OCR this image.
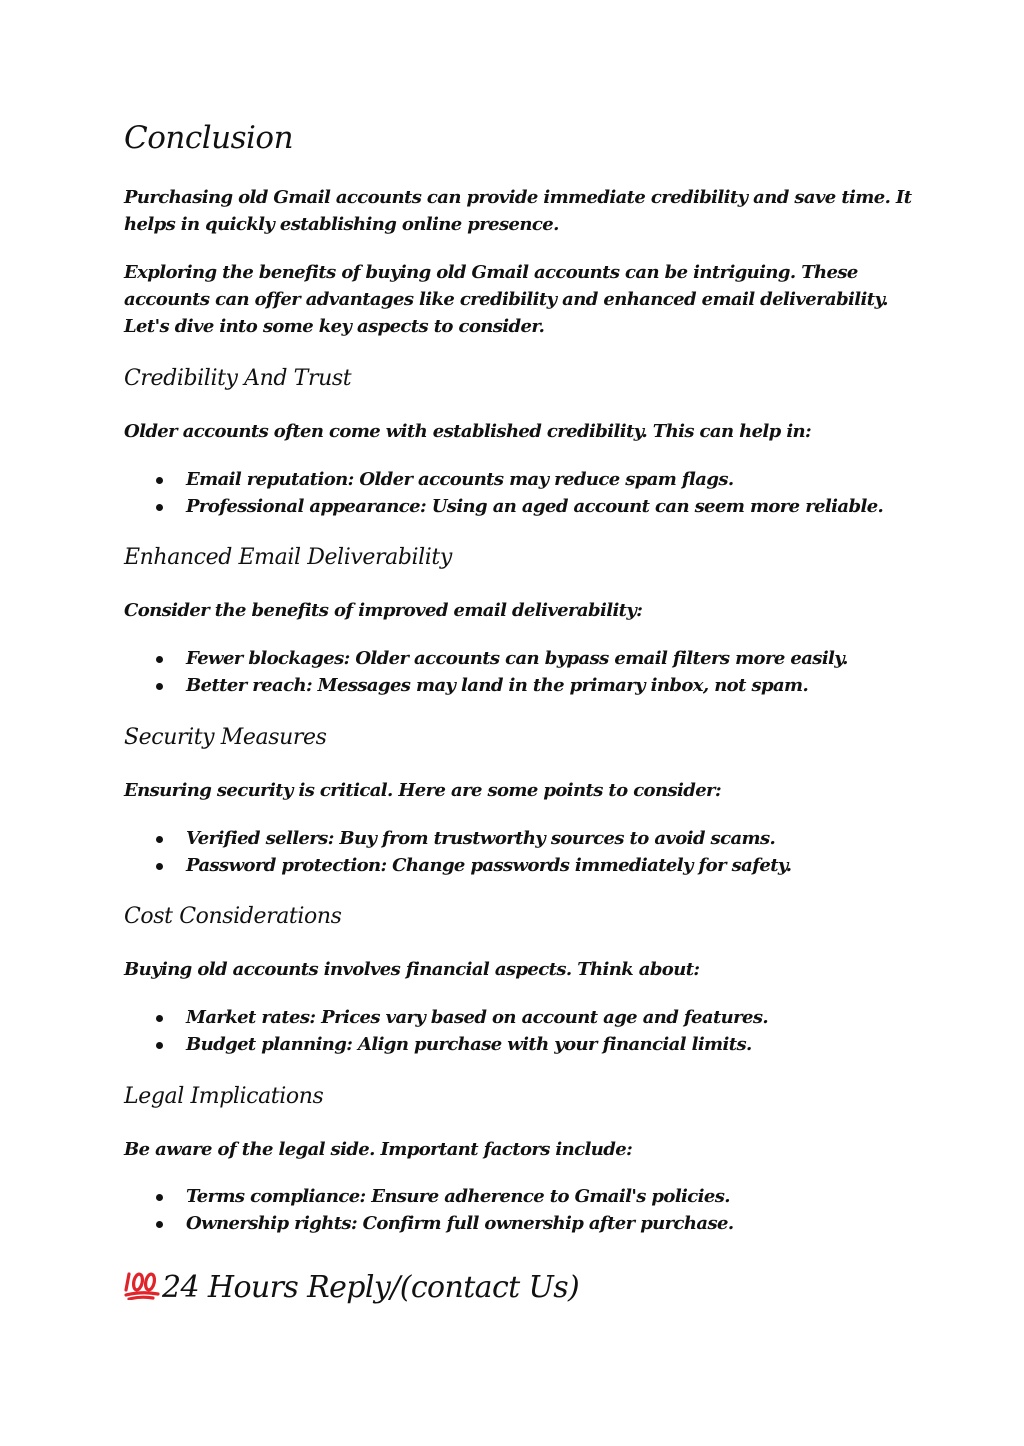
Conclusion

Purchasing old Gmail accounts can provide immediate credibility and save time. It helps in quickly establishing online presence.

Exploring the benefits of buying old Gmail accounts can be intriguing. These accounts can offer advantages like credibility and enhanced email deliverability. Let's dive into some key aspects to consider.

Credibility And Trust

Older accounts often come with established credibility. This can help in:

Email reputation: Older accounts may reduce spam flags.
Professional appearance: Using an aged account can seem more reliable.
Enhanced Email Deliverability

Consider the benefits of improved email deliverability:

Fewer blockages: Older accounts can bypass email filters more easily.
Better reach: Messages may land in the primary inbox, not spam.
Security Measures

Ensuring security is critical. Here are some points to consider:

Verified sellers: Buy from trustworthy sources to avoid scams.
Password protection: Change passwords immediately for safety.
Cost Considerations

Buying old accounts involves financial aspects. Think about:

Market rates: Prices vary based on account age and features.
Budget planning: Align purchase with your financial limits.
Legal Implications

Be aware of the legal side. Important factors include:

Terms compliance: Ensure adherence to Gmail's policies.
Ownership rights: Confirm full ownership after purchase.
24 Hours Reply/(contact Us)
